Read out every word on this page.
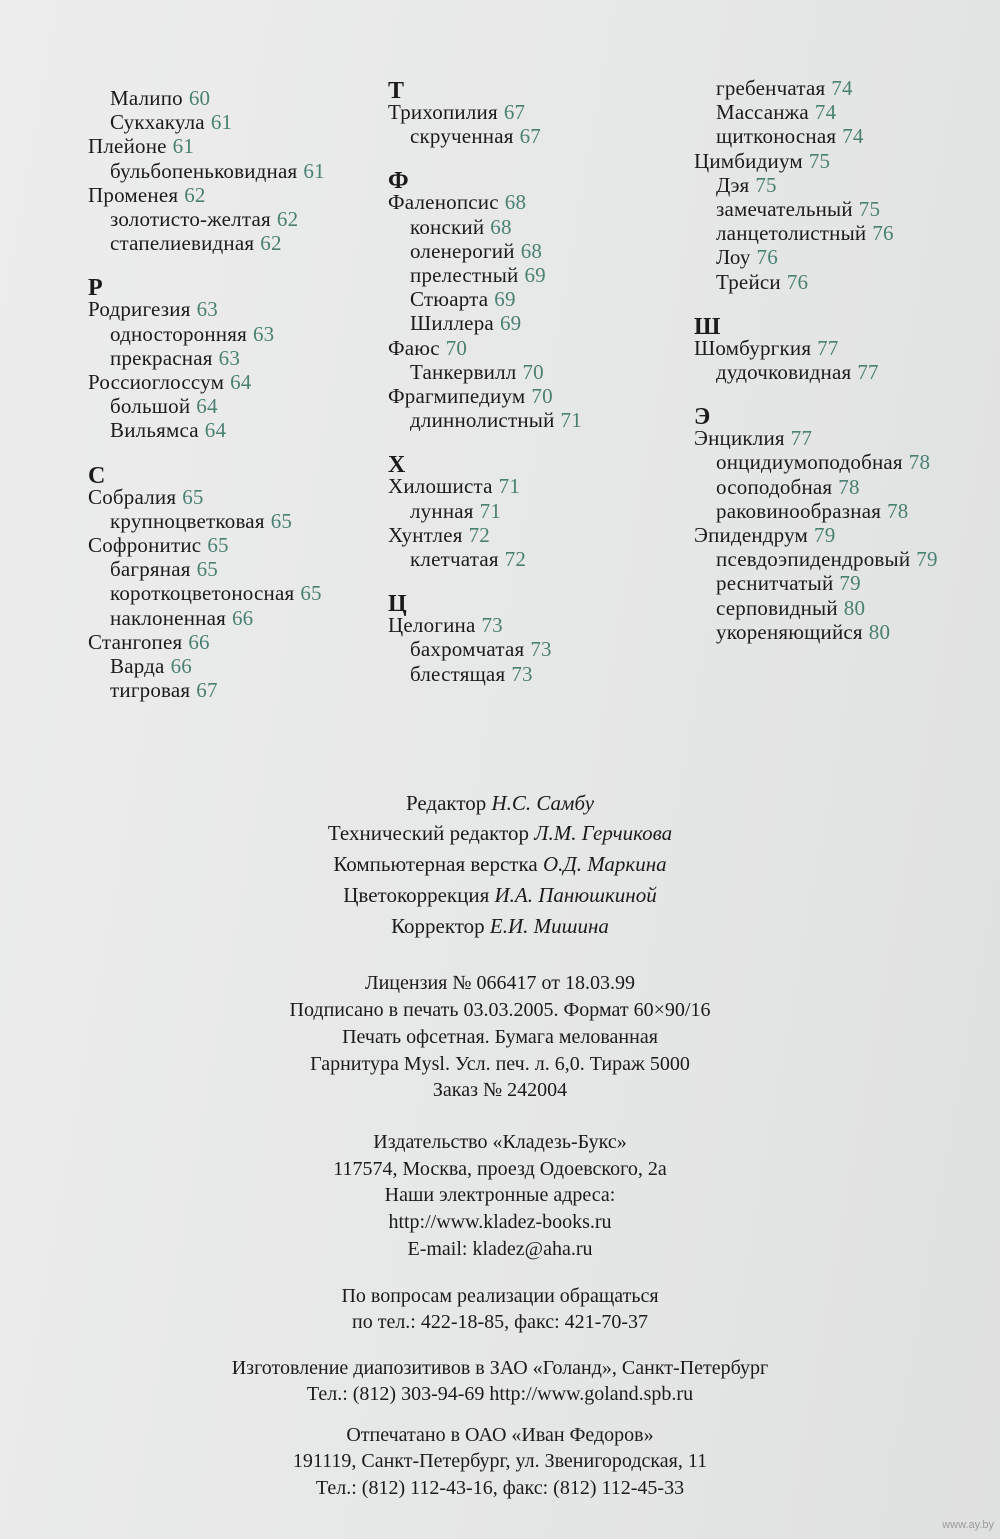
Малипо 60
Сукхакула 61
Плейоне 61
бульбопеньковидная 61
Променея 62
золотисто-желтая 62
стапелиевидная 62
Р
Родригезия 63
односторонняя 63
прекрасная 63
Россиоглоссум 64
большой 64
Вильямса 64
С
Собралия 65
крупноцветковая 65
Софронитис 65
багряная 65
короткоцветоносная 65
наклоненная 66
Стангопея 66
Варда 66
тигровая 67
Т
Трихопилия 67
скрученная 67
Ф
Фаленопсис 68
конский 68
оленерогий 68
прелестный 69
Стюарта 69
Шиллера 69
Фаюс 70
Танкервилл 70
Фрагмипедиум 70
длиннолистный 71
Х
Хилошиста 71
лунная 71
Хунтлея 72
клетчатая 72
Ц
Целогина 73
бахромчатая 73
блестящая 73
гребенчатая 74
Массанжа 74
щитконосная 74
Цимбидиум 75
Дэя 75
замечательный 75
ланцетолистный 76
Лоу 76
Трейси 76
Ш
Шомбургкия 77
дудочковидная 77
Э
Энциклия 77
онцидиумоподобная 78
осоподобная 78
раковинообразная 78
Эпидендрум 79
псевдоэпидендровый 79
реснитчатый 79
серповидный 80
укореняющийся 80
Редактор Н.С. Самбу
Технический редактор Л.М. Герчикова
Компьютерная верстка О.Д. Маркина
Цветокоррекция И.А. Панюшкиной
Корректор Е.И. Мишина
Лицензия № 066417 от 18.03.99
Подписано в печать 03.03.2005. Формат 60×90/16
Печать офсетная. Бумага мелованная
Гарнитура Mysl. Усл. печ. л. 6,0. Тираж 5000
Заказ № 242004
Издательство «Кладезь-Букс»
117574, Москва, проезд Одоевского, 2а
Наши электронные адреса:
http://www.kladez-books.ru
E-mail: kladez@aha.ru
По вопросам реализации обращаться
по тел.: 422-18-85, факс: 421-70-37
Изготовление диапозитивов в ЗАО «Голанд», Санкт-Петербург
Тел.: (812) 303-94-69 http://www.goland.spb.ru
Отпечатано в ОАО «Иван Федоров»
191119, Санкт-Петербург, ул. Звенигородская, 11
Тел.: (812) 112-43-16, факс: (812) 112-45-33
www.ay.by
